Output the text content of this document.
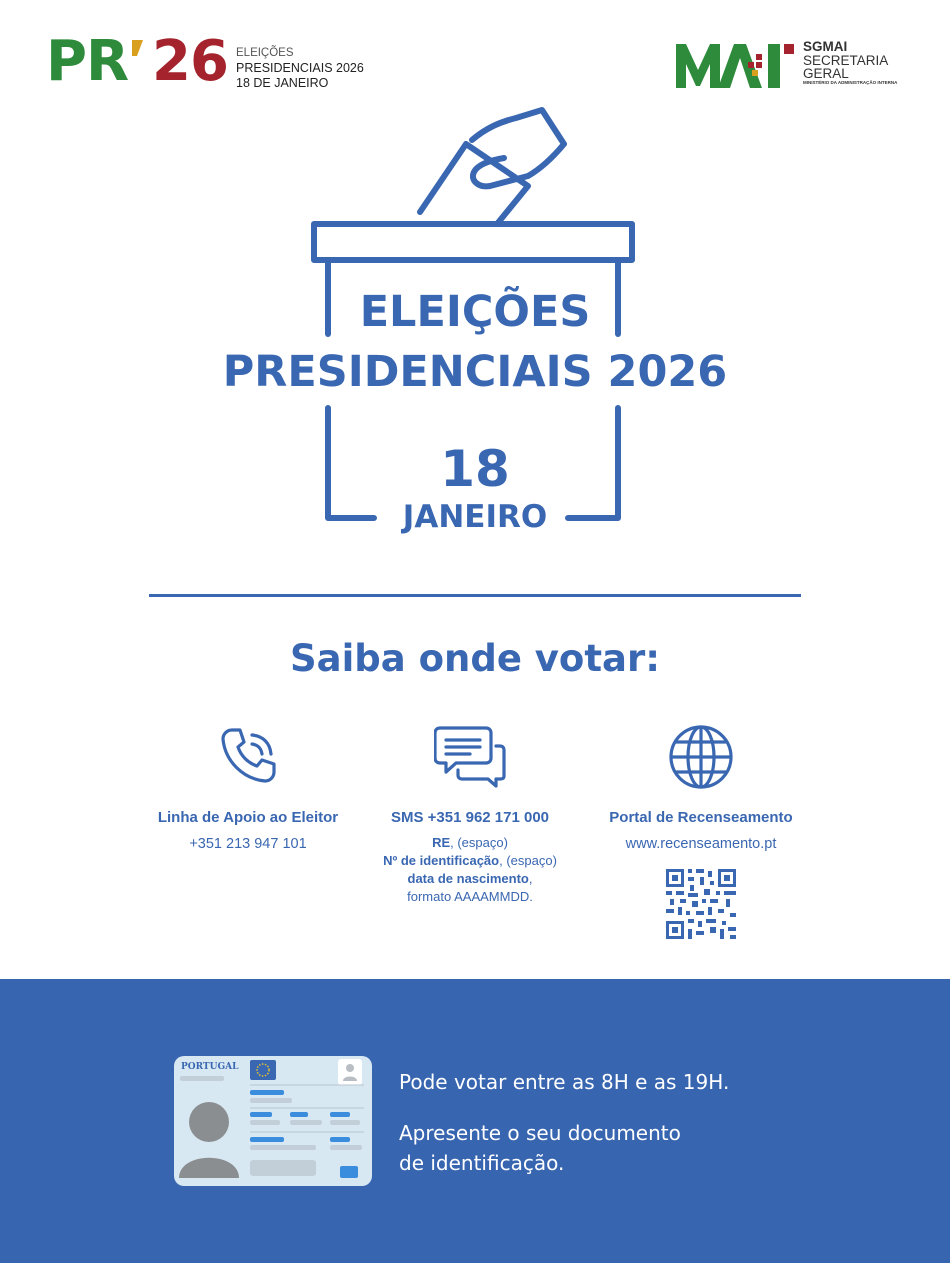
PR 26 ELEIÇÕES
PRESIDENCIAIS 2026
18 DE JANEIRO
SGMAI
SECRETARIA
GERAL
MINISTÉRIO DA ADMINISTRAÇÃO INTERNA
ELEIÇÕES
PRESIDENCIAIS 2026
18
JANEIRO
Saiba onde votar:
Linha de Apoio ao Eleitor
+351 213 947 101
SMS +351 962 171 000
RE, (espaço)
Nº de identificação, (espaço)
data de nascimento,
formato AAAAMMDD.
Portal de Recenseamento
www.recenseamento.pt
PORTUGAL
Pode votar entre as 8H e as 19H.
Apresente o seu documento
de identificação.
